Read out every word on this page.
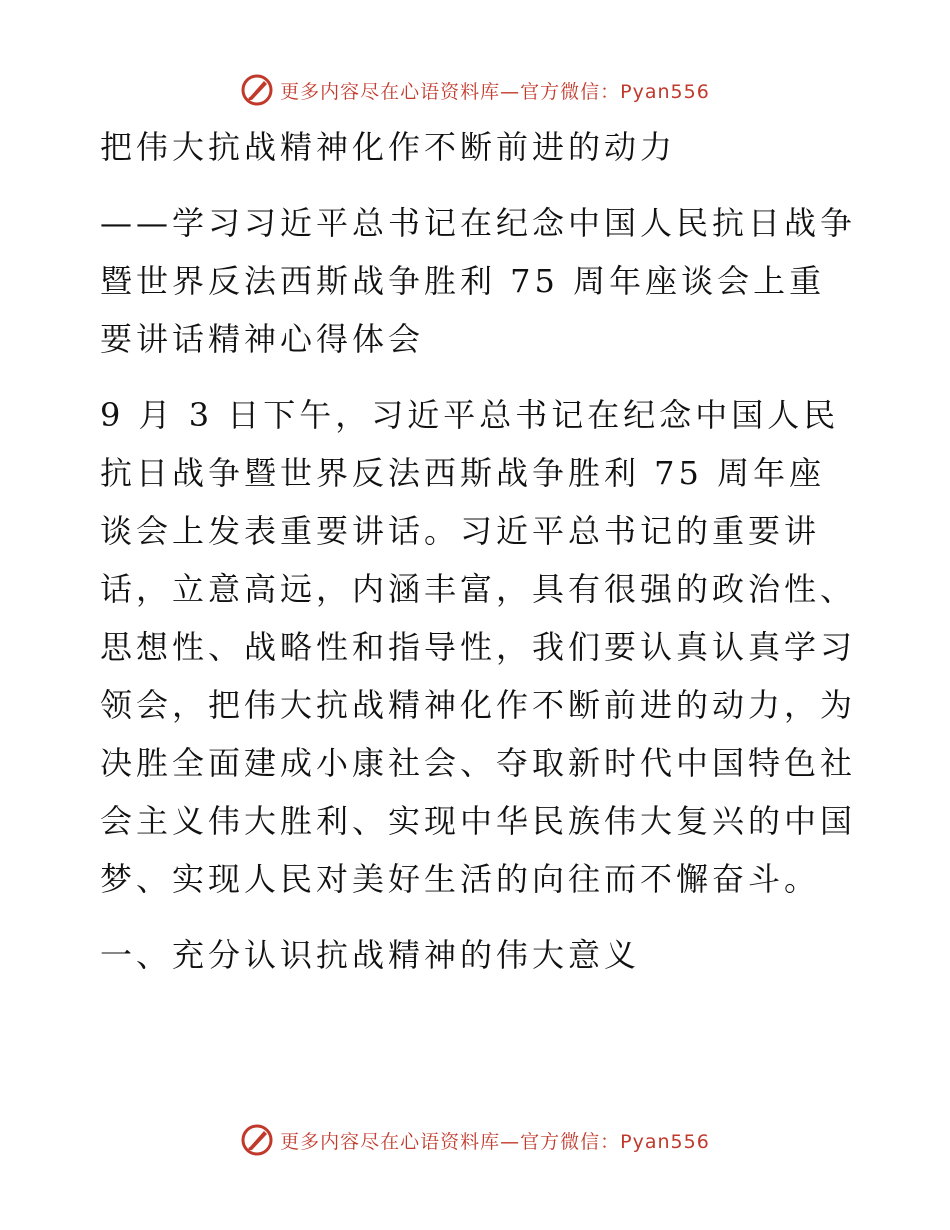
更多内容尽在心语资料库—官方微信：Pyan556

把伟大抗战精神化作不断前进的动力

——学习习近平总书记在纪念中国人民抗日战争暨世界反法西斯战争胜利 75 周年座谈会上重要讲话精神心得体会

9 月 3 日下午，习近平总书记在纪念中国人民抗日战争暨世界反法西斯战争胜利 75 周年座谈会上发表重要讲话。习近平总书记的重要讲话，立意高远，内涵丰富，具有很强的政治性、思想性、战略性和指导性，我们要认真认真学习领会，把伟大抗战精神化作不断前进的动力，为决胜全面建成小康社会、夺取新时代中国特色社会主义伟大胜利、实现中华民族伟大复兴的中国梦、实现人民对美好生活的向往而不懈奋斗。

一、充分认识抗战精神的伟大意义

更多内容尽在心语资料库—官方微信：Pyan556
